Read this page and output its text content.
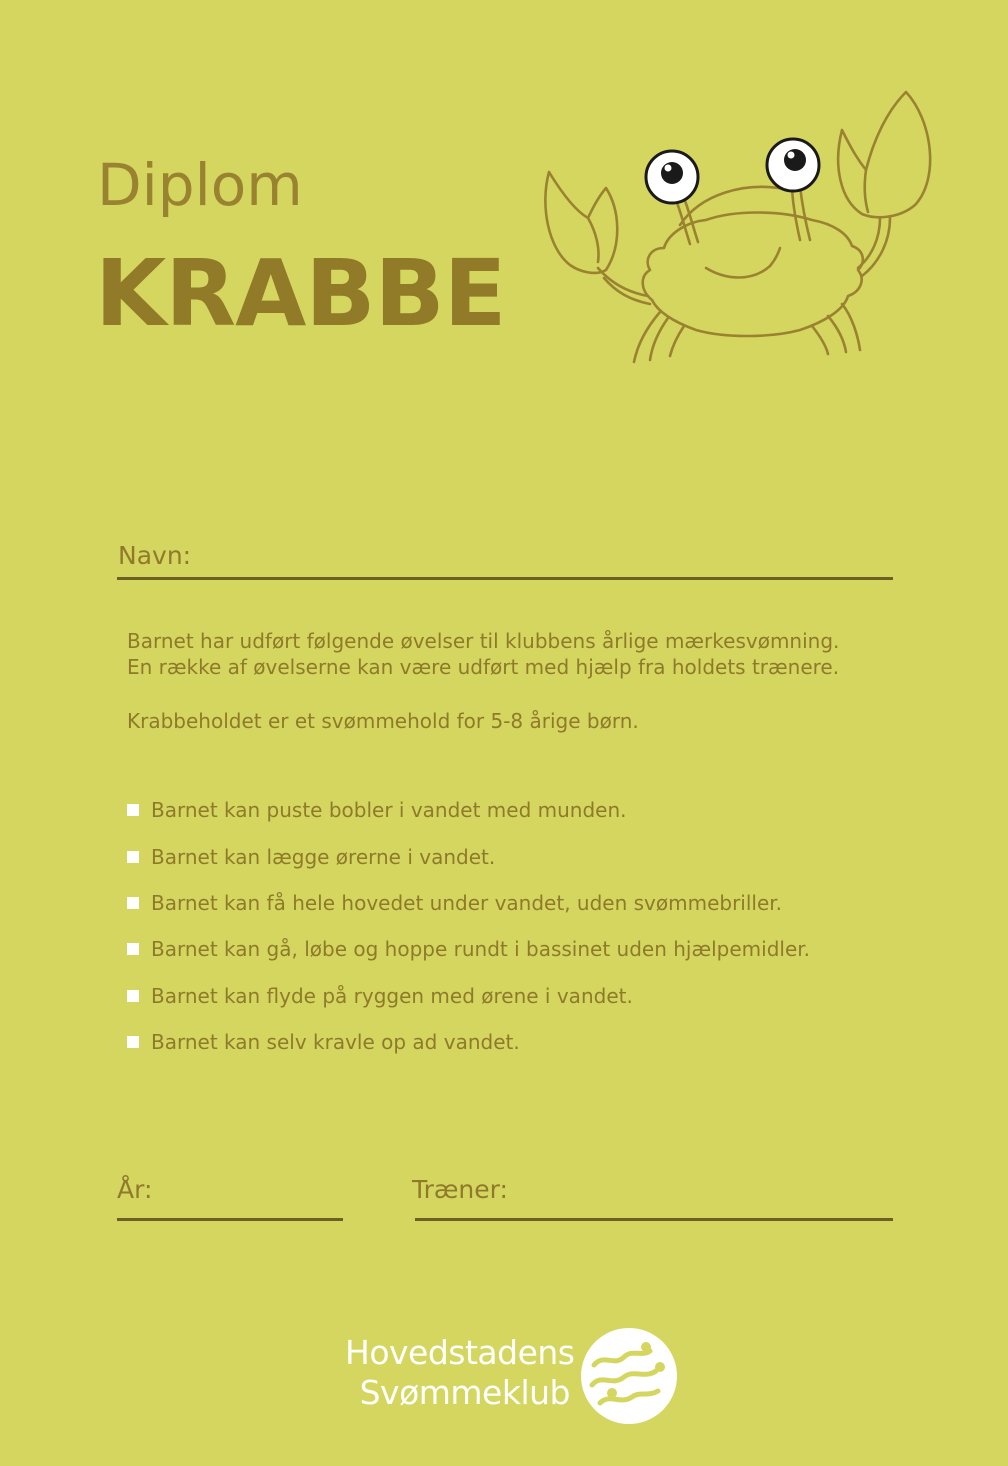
Diplom
KRABBE
Navn:

Barnet har udført følgende øvelser til klubbens årlige mærkesvømning.

En række af øvelserne kan være udført med hjælp fra holdets trænere.

Krabbeholdet er et svømmehold for 5-8 årige børn.
Barnet kan puste bobler i vandet med munden.
Barnet kan lægge ørerne i vandet.
Barnet kan få hele hovedet under vandet, uden svømmebriller.
Barnet kan gå, løbe og hoppe rundt i bassinet uden hjælpemidler.
Barnet kan flyde på ryggen med ørene i vandet.
Barnet kan selv kravle op ad vandet.
År:	Træner:
Hovedstadens
Svømmeklub
